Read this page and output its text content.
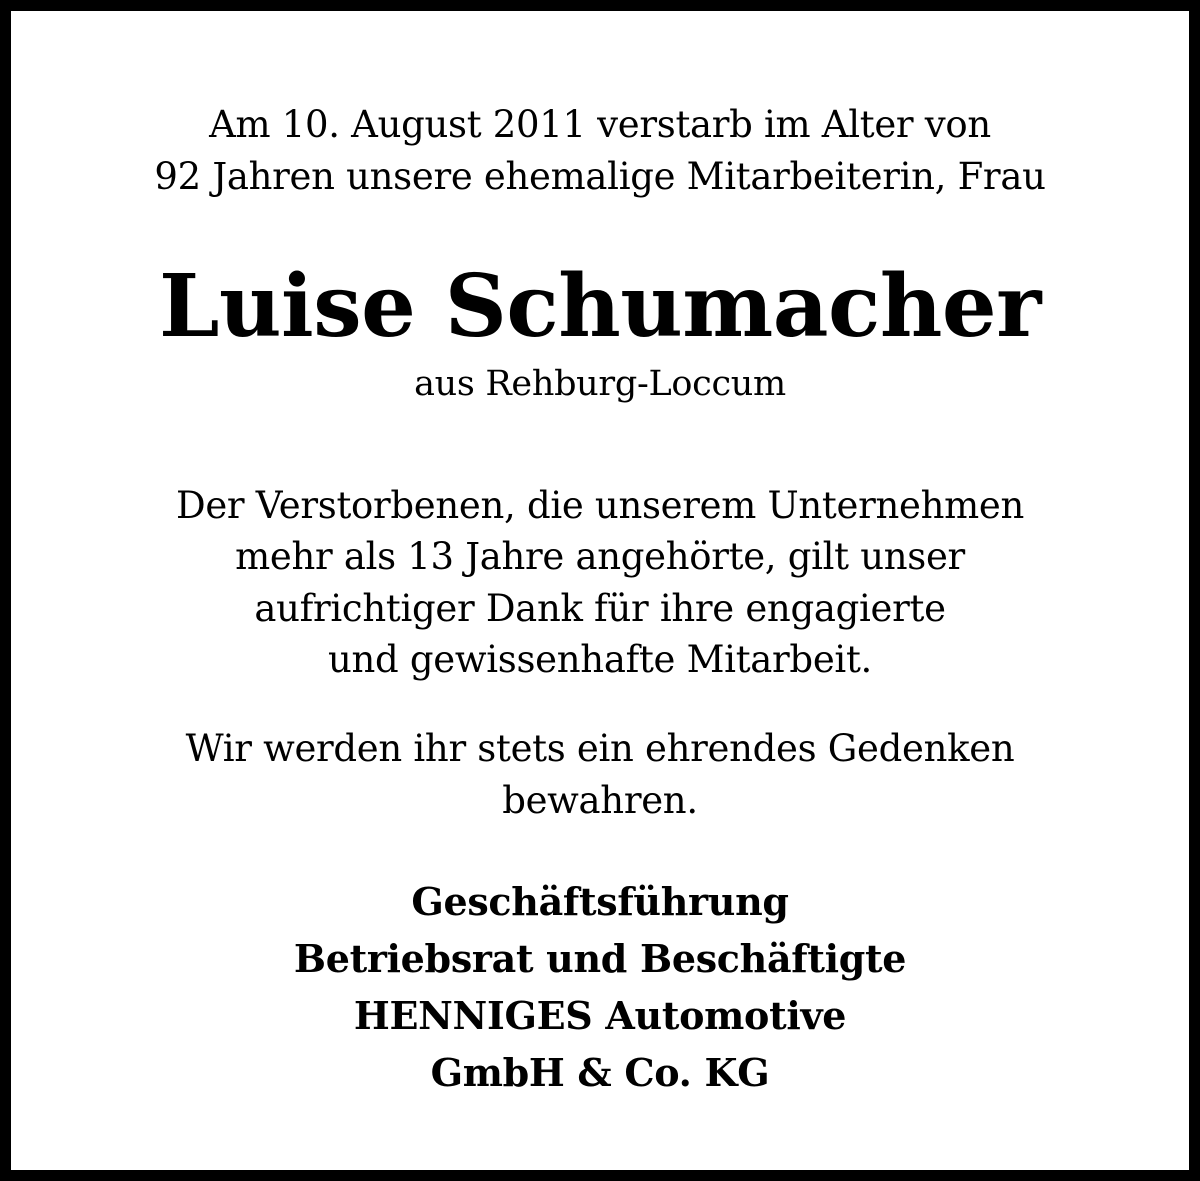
Am 10. August 2011 verstarb im Alter von
92 Jahren unsere ehemalige Mitarbeiterin, Frau
Luise Schumacher
aus Rehburg-Loccum
Der Verstorbenen, die unserem Unternehmen
mehr als 13 Jahre angehörte, gilt unser
aufrichtiger Dank für ihre engagierte
und gewissenhafte Mitarbeit.
Wir werden ihr stets ein ehrendes Gedenken
bewahren.
Geschäftsführung
Betriebsrat und Beschäftigte
HENNIGES Automotive
GmbH & Co. KG
